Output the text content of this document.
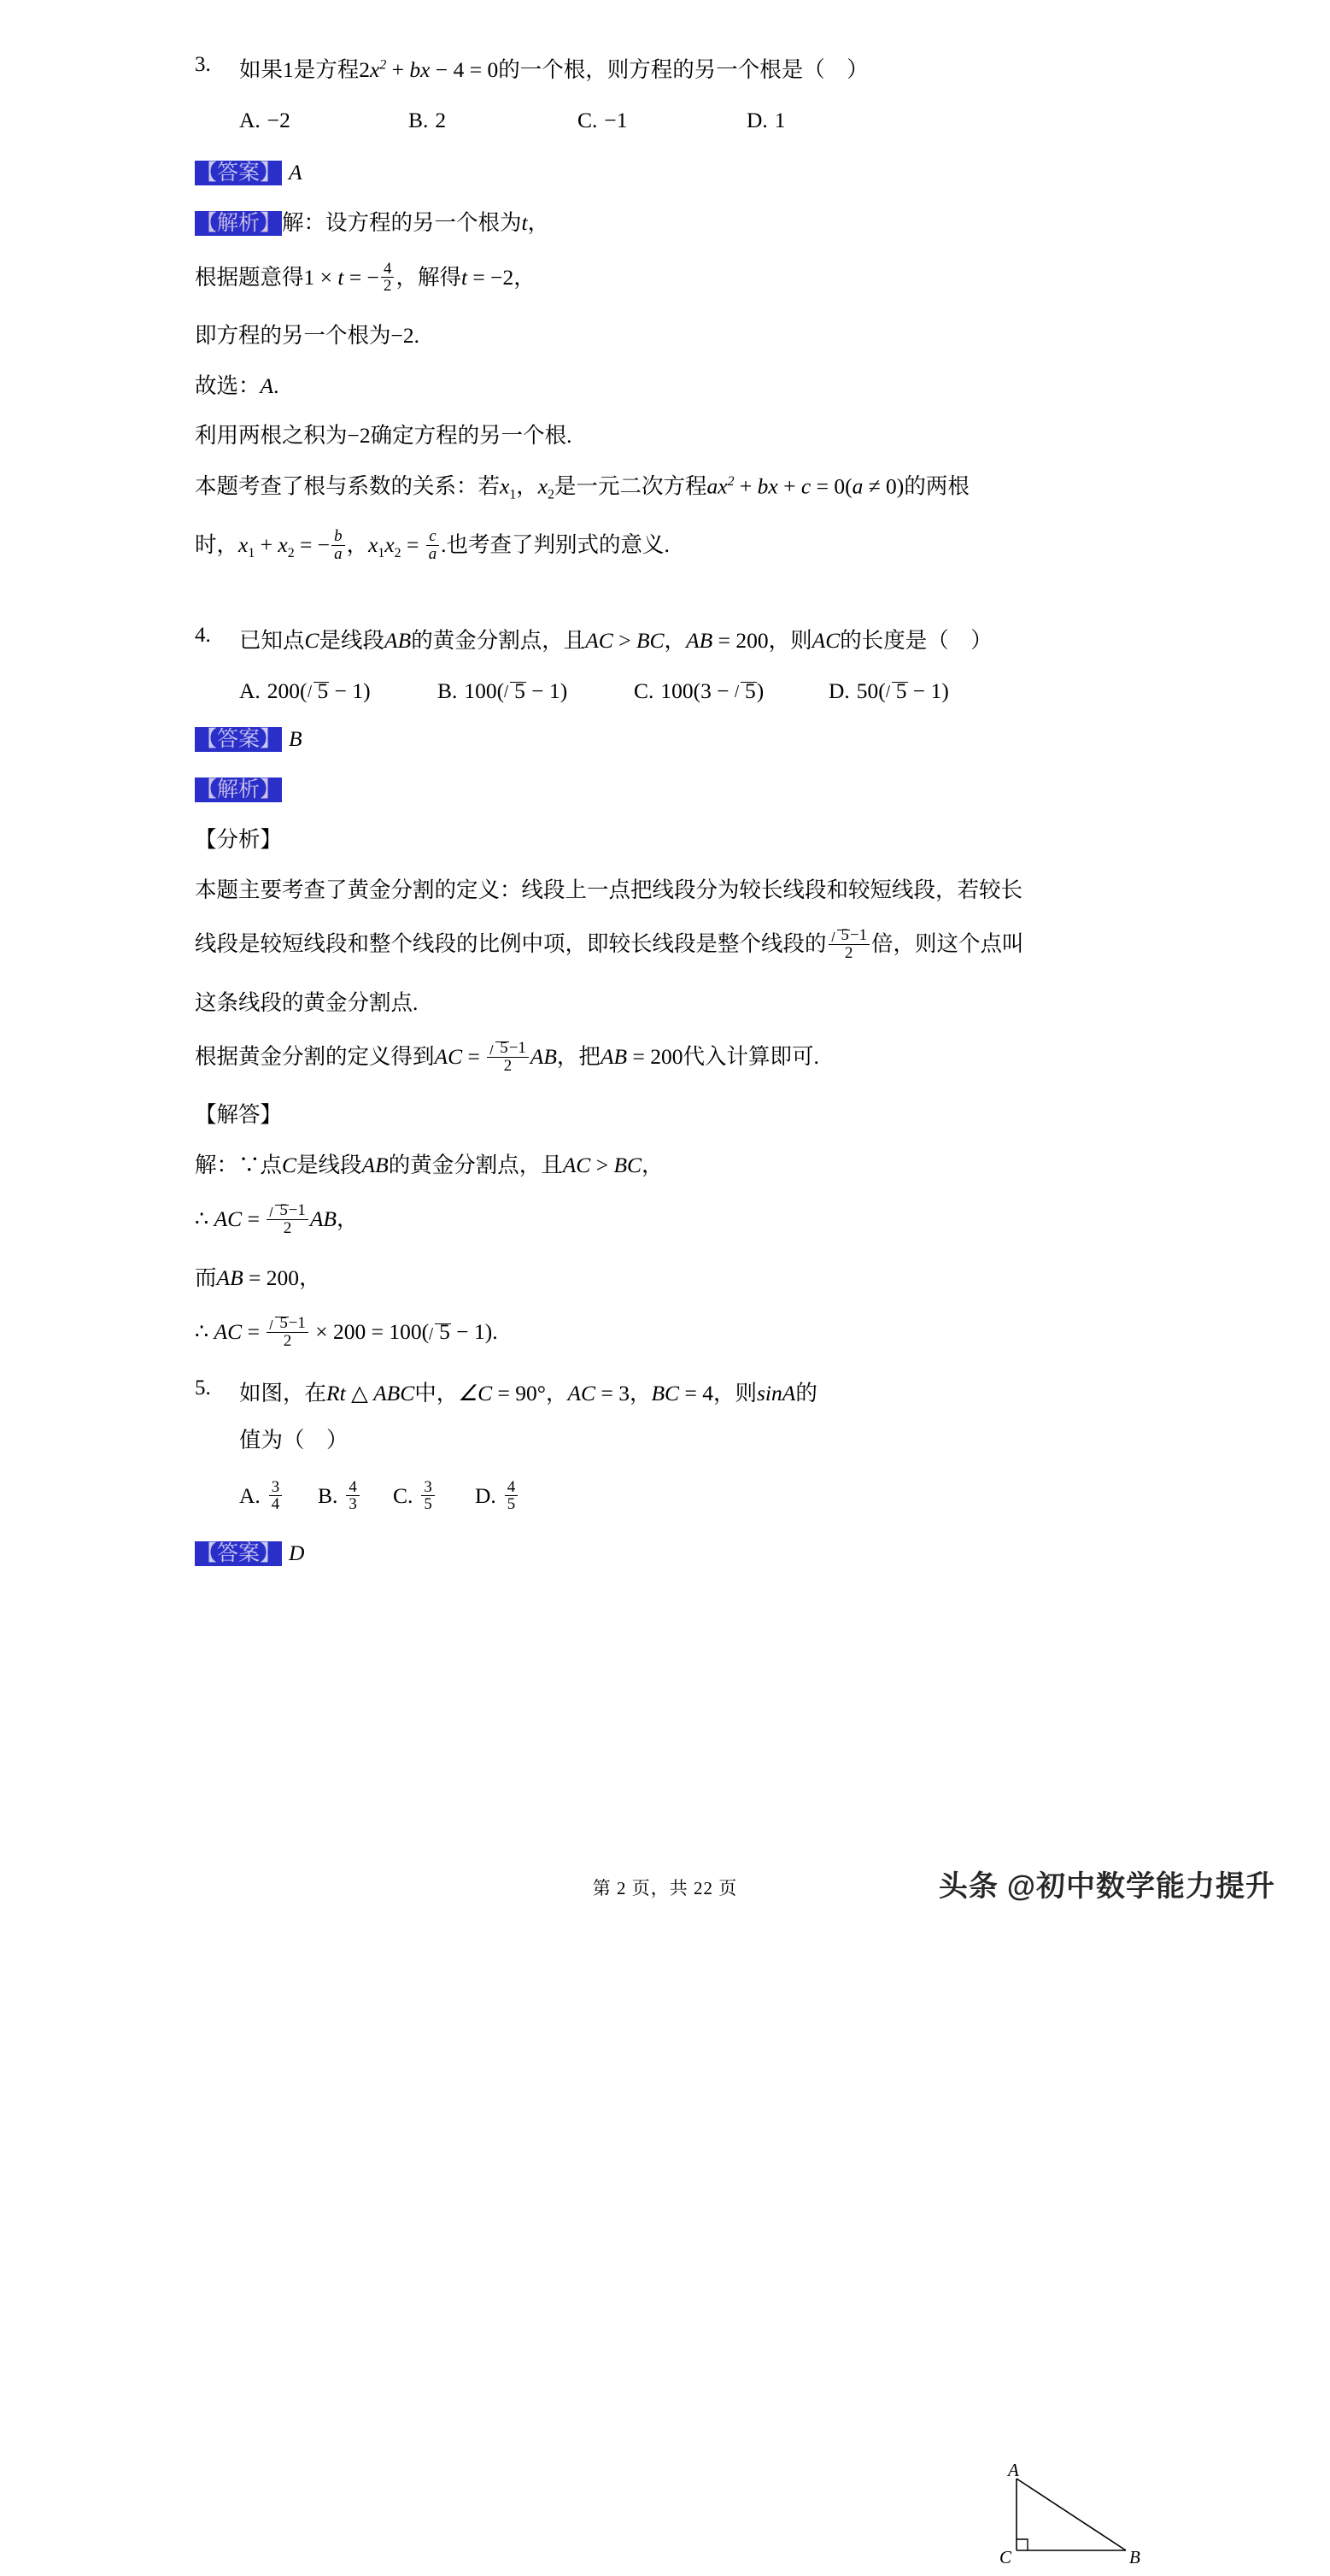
3.	如果1是方程$2x^2$ + bx − 4 = 0的一个根，则方程的另一个根是（　）
A. −2	B. 2	C. −1	D. 1
【答案】 A
【解析】解：设方程的另一个根为t，
根据题意得1 × t = − $\frac{4}{2}$ ，解得t = −2，
即方程的另一个根为−2.
故选：A.
利用两根之积为−2确定方程的另一个根.
本题考查了根与系数的关系：若$x_1$，$x_2$是一元二次方程$ax^2$ + bx + c = 0(a ≠ 0)的两根
时，$x_1 + x_2$ = − $\frac{b}{a}$ ，$x_1x_2 = \frac{c}{a}$ .也考查了判别式的意义.
4.	已知点C是线段AB的黄金分割点，且AC > BC，AB = 200，则AC的长度是（　）
A. 200( 5 − 1)	B. 100( 5 − 1)	C. 100(3 − 5)	D. 50( 5 − 1)
【答案】 B
【解析】
【分析】
本题主要考查了黄金分割的定义：线段上一点把线段分为较长线段和较短线段，若较长
线段是较短线段和整个线段的比例中项，即较长线段是整个线段的 $\frac{5-1}{2}$ 倍，则这个点叫
这条线段的黄金分割点.
根据黄金分割的定义得到AC = $\frac{5-1}{2}$ AB，把AB = 200代入计算即可.
【解答】
解：∵点C是线段AB的黄金分割点，且AC > BC，
∴ AC = $\frac{5-1}{2}$ AB，
而AB = 200，
∴ AC = $\frac{5-1}{2} \times 200 = 100$( 5 − 1).
5.	如图，在Rt △ ABC中，∠C = 90°，AC = 3，BC = 4，则sinA的
值为（　）
A. $\frac{3}{4} B$. $\frac{4}{3} C$. $\frac{3}{5} D$. $\frac{4}{5}$
【答案】 D
A
C	B
第 2 页，共 22 页	头条 @初中数学能力提升
